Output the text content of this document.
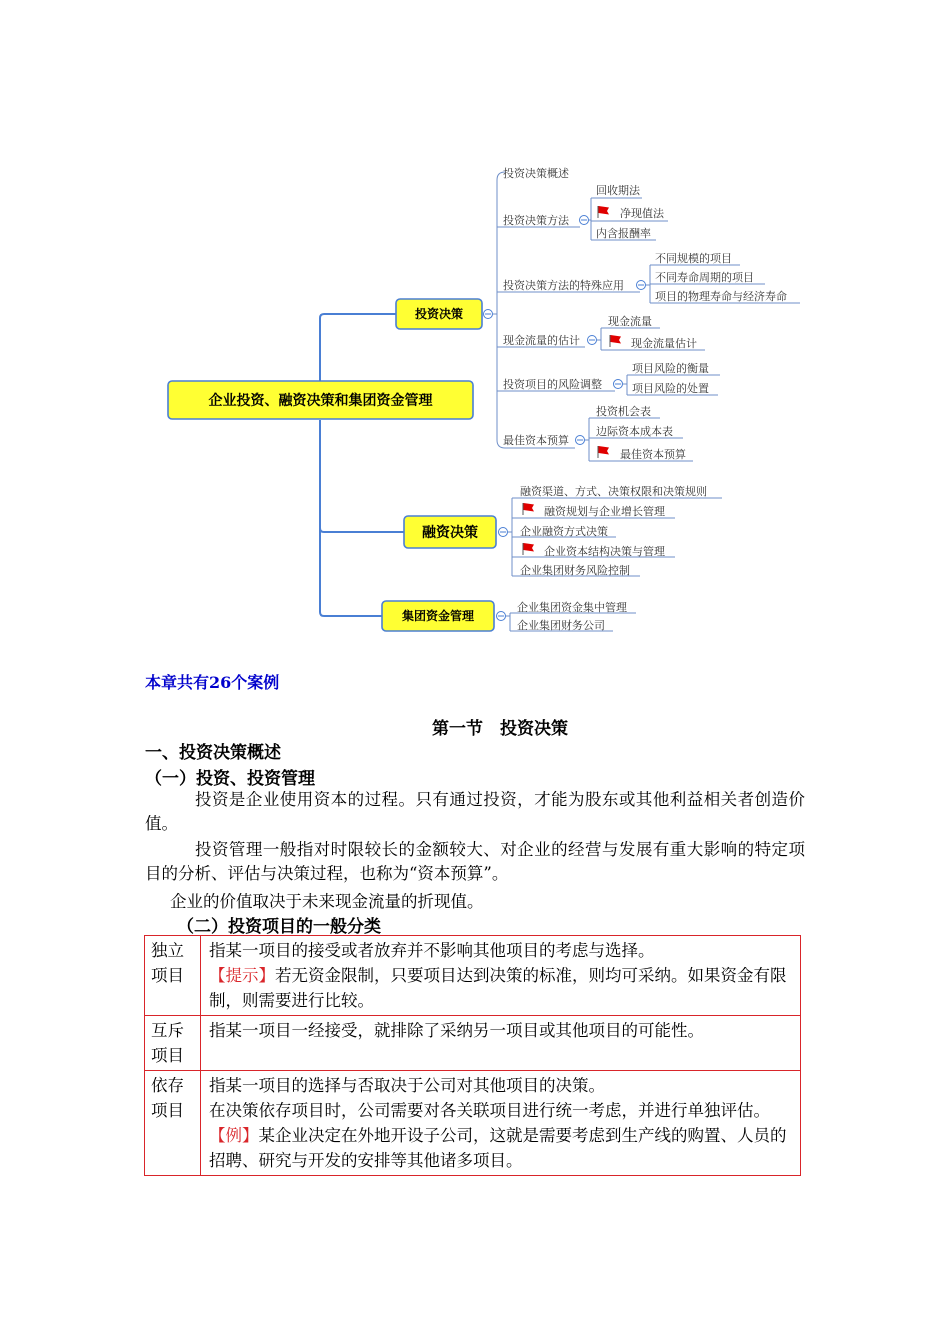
企业投资、融资决策和集团资金管理
投资决策
投资决策概述
投资决策方法
回收期法
净现值法
内含报酬率
投资决策方法的特殊应用
不同规模的项目
不同寿命周期的项目
项目的物理寿命与经济寿命
现金流量的估计
现金流量
现金流量估计
投资项目的风险调整
项目风险的衡量
项目风险的处置
最佳资本预算
投资机会表
边际资本成本表
最佳资本预算
融资决策
融资渠道、方式、决策权限和决策规则
融资规划与企业增长管理
企业融资方式决策
企业资本结构决策与管理
企业集团财务风险控制
集团资金管理
企业集团资金集中管理
企业集团财务公司

本章共有26个案例

第一节　投资决策

一、投资决策概述

（一）投资、投资管理

投资是企业使用资本的过程。只有通过投资，才能为股东或其他利益相关者创造价值。

投资管理一般指对时限较长的金额较大、对企业的经营与发展有重大影响的特定项目的分析、评估与决策过程，也称为“资本预算”。

企业的价值取决于未来现金流量的折现值。

（二）投资项目的一般分类

独立项目	指某一项目的接受或者放弃并不影响其他项目的考虑与选择。
【提示】若无资金限制，只要项目达到决策的标准，则均可采纳。如果资金有限制，则需要进行比较。

互斥项目	指某一项目一经接受，就排除了采纳另一项目或其他项目的可能性。

依存项目	指某一项目的选择与否取决于公司对其他项目的决策。
在决策依存项目时，公司需要对各关联项目进行统一考虑，并进行单独评估。
【例】某企业决定在外地开设子公司，这就是需要考虑到生产线的购置、人员的招聘、研究与开发的安排等其他诸多项目。
